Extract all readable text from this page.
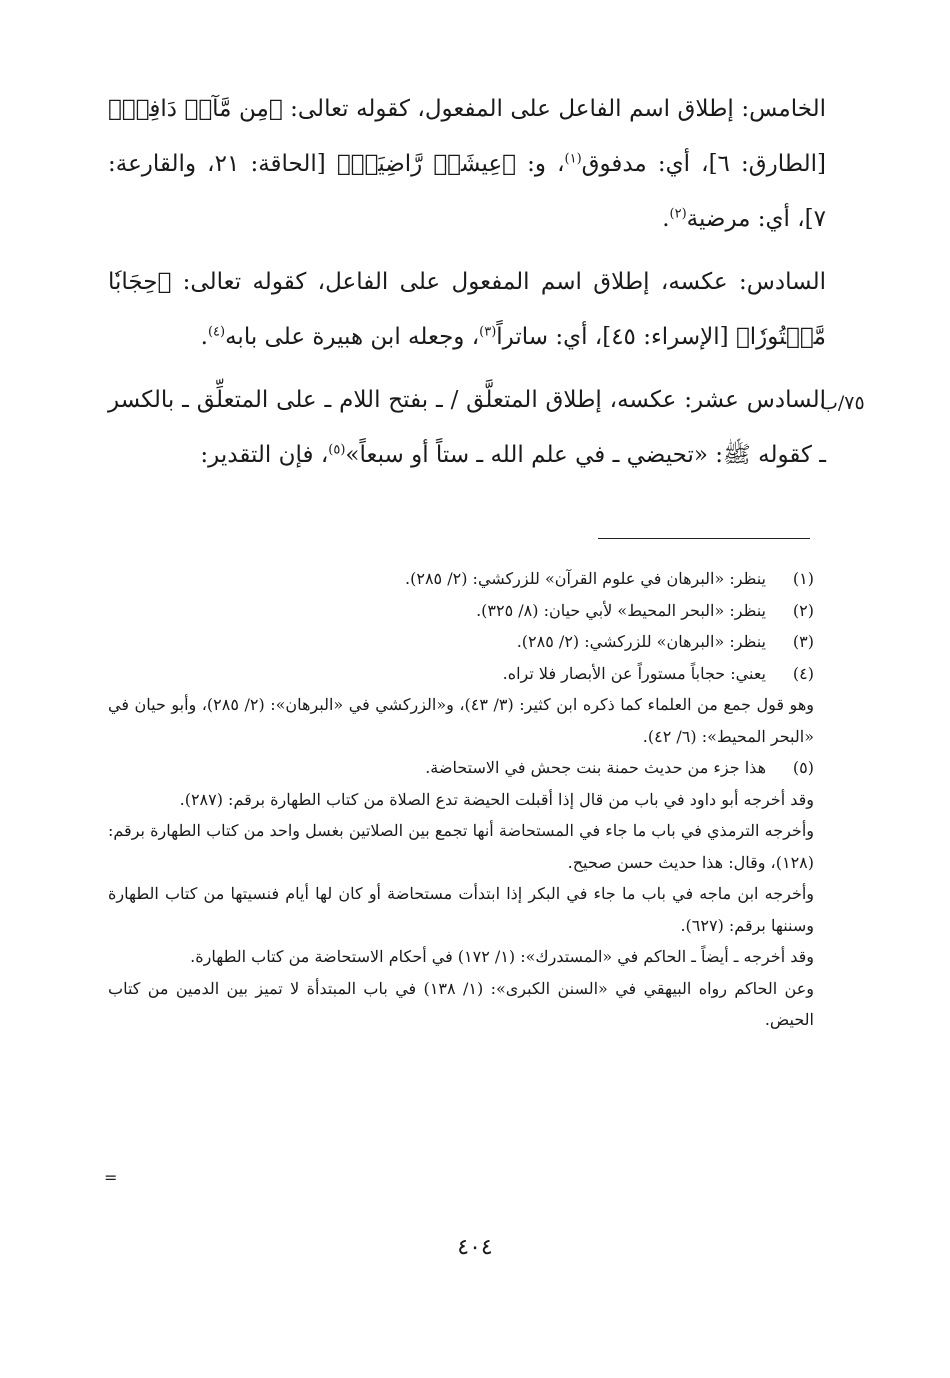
الخامس: إطلاق اسم الفاعل على المفعول، كقوله تعالى: ﴿مِن مَّآءٖ دَافِقٖ﴾ [الطارق: ٦]، أي: مدفوق$^{(١)}$، و: ﴿عِيشَةٖ رَّاضِيَةٖ﴾ [الحاقة: ٢١، والقارعة: ٧]، أي: مرضية$^{(٢)}$.

السادس: عكسه، إطلاق اسم المفعول على الفاعل، كقوله تعالى: ﴿حِجَابٗا مَّسۡتُورٗا﴾ [الإسراء: ٤٥]، أي: ساتراً$^{(٣)}$، وجعله ابن هبيرة على بابه$^{(٤)}$.

السادس عشر: عكسه، إطلاق المتعلَّق / ـ بفتح اللام ـ على المتعلِّق ـ بالكسر ـ كقوله ﷺ: «تحيضي ـ في علم الله ـ ستاً أو سبعاً»$^{(٥)}$، فإن التقدير:

٧٥/ب
(١)
ينظر: «البرهان في علوم القرآن» للزركشي: (٢/ ٢٨٥).
(٢)
ينظر: «البحر المحيط» لأبي حيان: (٨/ ٣٢٥).
(٣)
ينظر: «البرهان» للزركشي: (٢/ ٢٨٥).
(٤)
يعني: حجاباً مستوراً عن الأبصار فلا تراه.
وهو قول جمع من العلماء كما ذكره ابن كثير: (٣/ ٤٣)، و«الزركشي في «البرهان»: (٢/ ٢٨٥)، وأبو حيان في «البحر المحيط»: (٦/ ٤٢).
(٥)
هذا جزء من حديث حمنة بنت جحش في الاستحاضة.
وقد أخرجه أبو داود في باب من قال إذا أقبلت الحيضة تدع الصلاة من كتاب الطهارة برقم: (٢٨٧).
وأخرجه الترمذي في باب ما جاء في المستحاضة أنها تجمع بين الصلاتين بغسل واحد من كتاب الطهارة برقم: (١٢٨)، وقال: هذا حديث حسن صحيح.
وأخرجه ابن ماجه في باب ما جاء في البكر إذا ابتدأت مستحاضة أو كان لها أيام فنسيتها من كتاب الطهارة وسننها برقم: (٦٢٧).
وقد أخرجه ـ أيضاً ـ الحاكم في «المستدرك»: (١/ ١٧٢) في أحكام الاستحاضة من كتاب الطهارة.
وعن الحاكم رواه البيهقي في «السنن الكبرى»: (١/ ١٣٨) في باب المبتدأة لا تميز بين الدمين من كتاب الحيض.
=
٤٠٤
